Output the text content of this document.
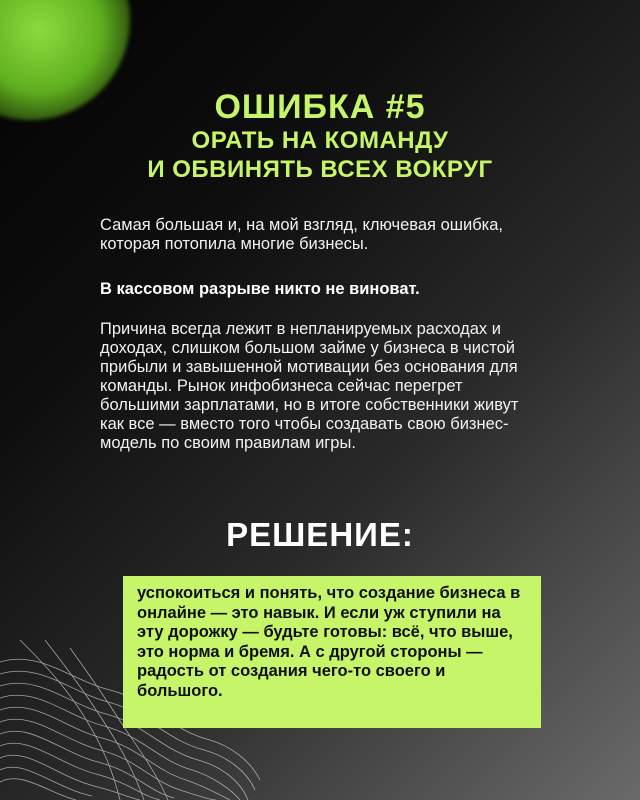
ОШИБКА #5
ОРАТЬ НА КОМАНДУ
И ОБВИНЯТЬ ВСЕХ ВОКРУГ

Самая большая и, на мой взгляд, ключевая ошибка, которая потопила многие бизнесы.

В кассовом разрыве никто не виноват.

Причина всегда лежит в непланируемых расходах и доходах, слишком большом займе у бизнеса в чистой прибыли и завышенной мотивации без основания для команды. Рынок инфобизнеса сейчас перегрет большими зарплатами, но в итоге собственники живут как все — вместо того чтобы создавать свою бизнес-модель по своим правилам игры.

РЕШЕНИЕ:

успокоиться и понять, что создание бизнеса в онлайне — это навык. И если уж ступили на эту дорожку — будьте готовы: всё, что выше, это норма и бремя. А с другой стороны — радость от создания чего-то своего и большого.
